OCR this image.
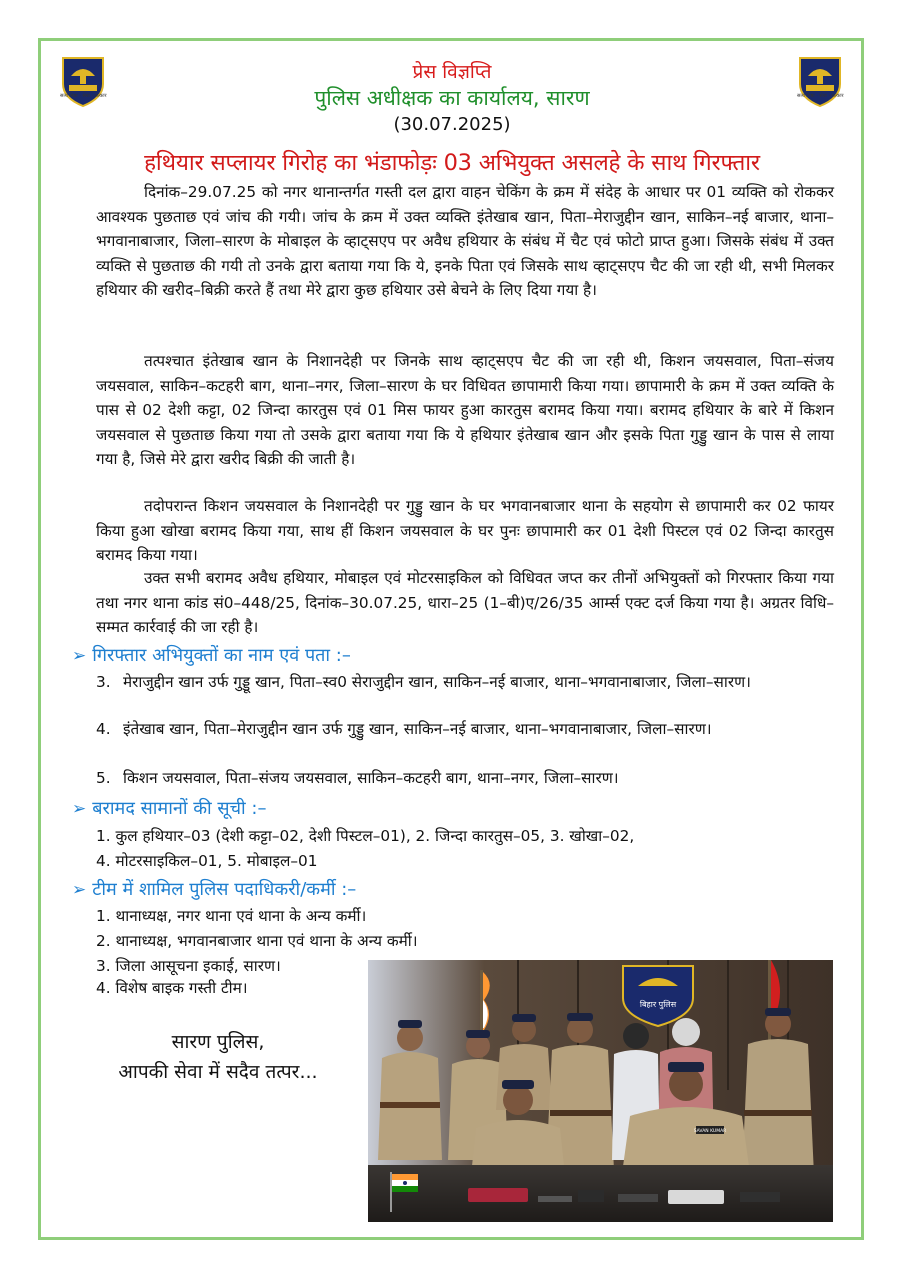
सत्य निष्ठा · सेवा · सत्कार	सत्य निष्ठा · सेवा · सत्कार
प्रेस विज्ञप्ति
पुलिस अधीक्षक का कार्यालय, सारण
(30.07.2025)
हथियार सप्लायर गिरोह का भंडाफोड़ः 03 अभियुक्त असलहे के साथ गिरफ्तार

दिनांक–29.07.25 को नगर थानान्तर्गत गस्ती दल द्वारा वाहन चेकिंग के क्रम में संदेह के आधार पर 01 व्यक्ति को रोककर आवश्यक पुछताछ एवं जांच की गयी। जांच के क्रम में उक्त व्यक्ति इंतेखाब खान, पिता–मेराजुद्दीन खान, साकिन–नई बाजार, थाना–भगवानाबाजार, जिला–सारण के मोबाइल के व्हाट्सएप पर अवैध हथियार के संबंध में चैट एवं फोटो प्राप्त हुआ। जिसके संबंध में उक्त व्यक्ति से पुछताछ की गयी तो उनके द्वारा बताया गया कि ये, इनके पिता एवं जिसके साथ व्हाट्सएप चैट की जा रही थी, सभी मिलकर हथियार की खरीद–बिक्री करते हैं तथा मेरे द्वारा कुछ हथियार उसे बेचने के लिए दिया गया है।

तत्पश्चात इंतेखाब खान के निशानदेही पर जिनके साथ व्हाट्सएप चैट की जा रही थी, किशन जयसवाल, पिता–संजय जयसवाल, साकिन–कटहरी बाग, थाना–नगर, जिला–सारण के घर विधिवत छापामारी किया गया। छापामारी के क्रम में उक्त व्यक्ति के पास से 02 देशी कट्टा, 02 जिन्दा कारतुस एवं 01 मिस फायर हुआ कारतुस बरामद किया गया। बरामद हथियार के बारे में किशन जयसवाल से पुछताछ किया गया तो उसके द्वारा बताया गया कि ये हथियार इंतेखाब खान और इसके पिता गुड्डु खान के पास से लाया गया है, जिसे मेरे द्वारा खरीद बिक्री की जाती है।

तदोपरान्त किशन जयसवाल के निशानदेही पर गुड्डु खान के घर भगवानबाजार थाना के सहयोग से छापामारी कर 02 फायर किया हुआ खोखा बरामद किया गया, साथ हीं किशन जयसवाल के घर पुनः छापामारी कर 01 देशी पिस्टल एवं 02 जिन्दा कारतुस बरामद किया गया।

उक्त सभी बरामद अवैध हथियार, मोबाइल एवं मोटरसाइकिल को विधिवत जप्त कर तीनों अभियुक्तों को गिरफ्तार किया गया तथा नगर थाना कांड सं0–448/25, दिनांक–30.07.25, धारा–25 (1–बी)ए/26/35 आर्म्स एक्ट दर्ज किया गया है। अग्रतर विधि–सम्मत कार्रवाई की जा रही है।

➢ गिरफ्तार अभियुक्तों का नाम एवं पता :–
3. मेराजुद्दीन खान उर्फ गुड्डू खान, पिता–स्व0 सेराजुद्दीन खान, साकिन–नई बाजार, थाना–भगवानाबाजार, जिला–सारण।
4. इंतेखाब खान, पिता–मेराजुद्दीन खान उर्फ गुड्डु खान, साकिन–नई बाजार, थाना–भगवानाबाजार, जिला–सारण।
5. किशन जयसवाल, पिता–संजय जयसवाल, साकिन–कटहरी बाग, थाना–नगर, जिला–सारण।
➢ बरामद सामानों की सूची :–
1. कुल हथियार–03 (देशी कट्टा–02, देशी पिस्टल–01), 2. जिन्दा कारतुस–05, 3. खोखा–02,
4. मोटरसाइकिल–01, 5. मोबाइल–01
➢ टीम में शामिल पुलिस पदाधिकरी/कर्मी :–
1. थानाध्यक्ष, नगर थाना एवं थाना के अन्य कर्मी।
2. थानाध्यक्ष, भगवानबाजार थाना एवं थाना के अन्य कर्मी।
3. जिला आसूचना इकाई, सारण।
4. विशेष बाइक गस्ती टीम।
सारण पुलिस,
आपकी सेवा में सदैव तत्पर...
बिहार पुलिस
SAVAN KUMAR
